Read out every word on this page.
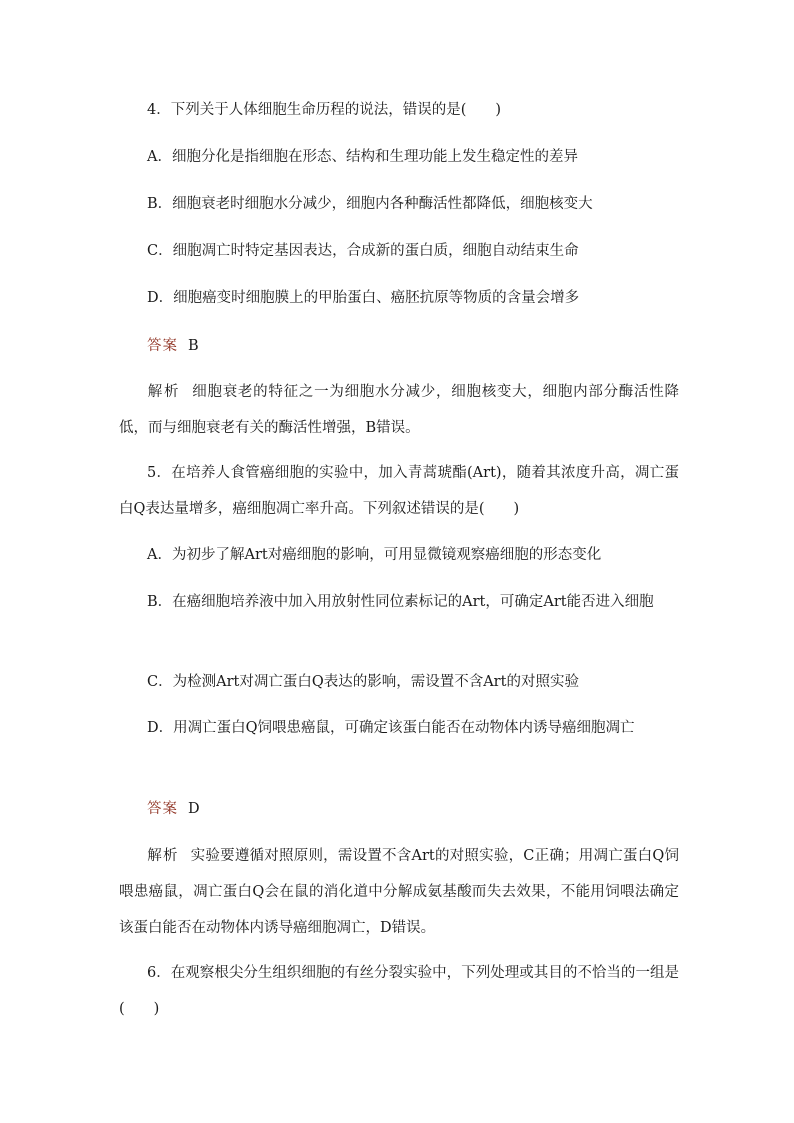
4．下列关于人体细胞生命历程的说法，错误的是(　　)
A．细胞分化是指细胞在形态、结构和生理功能上发生稳定性的差异
B．细胞衰老时细胞水分减少，细胞内各种酶活性都降低，细胞核变大
C．细胞凋亡时特定基因表达，合成新的蛋白质，细胞自动结束生命
D．细胞癌变时细胞膜上的甲胎蛋白、癌胚抗原等物质的含量会增多
答案 B
解析 细胞衰老的特征之一为细胞水分减少，细胞核变大，细胞内部分酶活性降低，而与细胞衰老有关的酶活性增强，B错误。
5．在培养人食管癌细胞的实验中，加入青蒿琥酯(Art)，随着其浓度升高，凋亡蛋白Q表达量增多，癌细胞凋亡率升高。下列叙述错误的是(　　)
A．为初步了解Art对癌细胞的影响，可用显微镜观察癌细胞的形态变化
B．在癌细胞培养液中加入用放射性同位素标记的Art，可确定Art能否进入细胞
C．为检测Art对凋亡蛋白Q表达的影响，需设置不含Art的对照实验
D．用凋亡蛋白Q饲喂患癌鼠，可确定该蛋白能否在动物体内诱导癌细胞凋亡
答案 D
解析 实验要遵循对照原则，需设置不含Art的对照实验，C正确；用凋亡蛋白Q饲喂患癌鼠，凋亡蛋白Q会在鼠的消化道中分解成氨基酸而失去效果，不能用饲喂法确定该蛋白能否在动物体内诱导癌细胞凋亡，D错误。
6．在观察根尖分生组织细胞的有丝分裂实验中，下列处理或其目的不恰当的一组是(　　)
